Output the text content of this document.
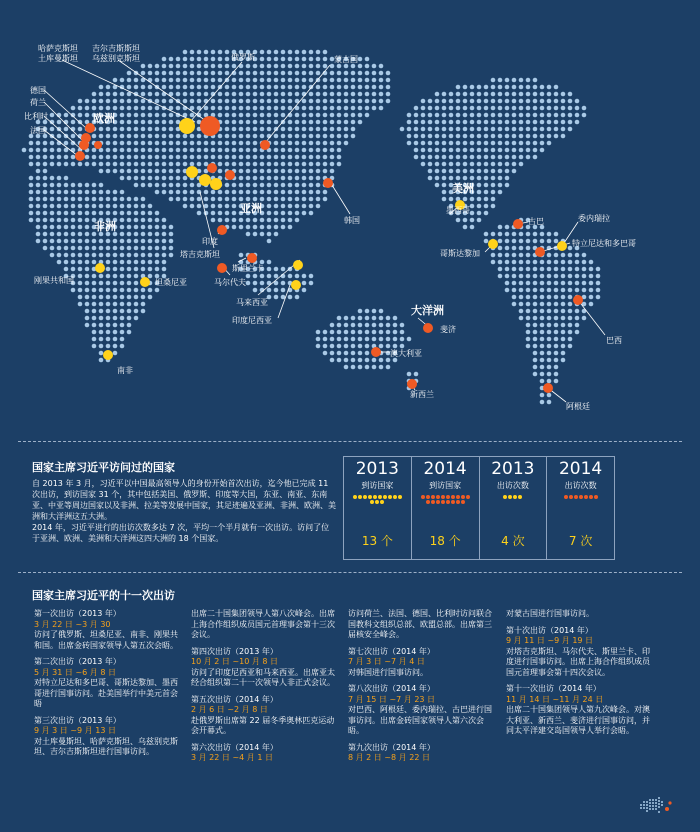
欧洲
非洲
亚洲
美洲
大洋洲
哈萨克斯坦
土库曼斯坦
吉尔吉斯斯坦
乌兹别克斯坦	俄罗斯	蒙古国
德国
荷兰
比利时
法国
韩国
印度
塔吉克斯坦
斯里兰卡
马尔代夫
马来西亚
印度尼西亚
刚果共和国	坦桑尼亚
南非
斐济
澳大利亚
新西兰
墨西哥
古巴	委内瑞拉
哥斯达黎加
特立尼达和多巴哥
巴西
阿根廷
国家主席习近平访问过的国家
自 2013 年 3 月，习近平以中国最高领导人的身份开始首次出访，迄今他已完成 11 次出访，到访国家 31 个，其中包括美国、俄罗斯、印度等大国，东亚、南亚、东南亚、中亚等周边国家以及非洲、拉美等发展中国家，其足迹遍及亚洲、非洲、欧洲、美洲和大洋洲这五大洲。
2014 年，习近平进行的出访次数多达 7 次，平均一个半月就有一次出访。访问了位于亚洲、欧洲、美洲和大洋洲这四大洲的 18 个国家。
2013
到访国家
13 个
2014
到访国家
18 个
2013
出访次数
4 次
2014
出访次数
7 次
国家主席习近平的十一次出访
第一次出访（2013 年）
3 月 22 日 ~3 月 30
访问了俄罗斯、坦桑尼亚、南非、刚果共和国。出席金砖国家领导人第五次会晤。
第二次出访（2013 年）
5 月 31 日 ~6 月 8 日
对特立尼达和多巴哥、哥斯达黎加、墨西哥进行国事访问。赴美国举行中美元首会晤
第三次出访（2013 年）
9 月 3 日 ~9 月 13 日
对土库曼斯坦、哈萨克斯坦、乌兹别克斯坦、吉尔吉斯斯坦进行国事访问。
出席二十国集团领导人第八次峰会。出席上海合作组织成员国元首理事会第十三次会议。
第四次出访（2013 年）
10 月 2 日 ~10 月 8 日
访问了印度尼西亚和马来西亚。出席亚太经合组织第二十一次领导人非正式会议。
第五次出访（2014 年）
2 月 6 日 ~2 月 8 日
赴俄罗斯出席第 22 届冬季奥林匹克运动会开幕式。
第六次出访（2014 年）
3 月 22 日 ~4 月 1 日
访问荷兰、法国、德国、比利时访问联合国教科文组织总部、欧盟总部。出席第三届核安全峰会。
第七次出访（2014 年）
7 月 3 日 ~7 月 4 日
对韩国进行国事访问。
第八次出访（2014 年）
7 月 15 日 ~7 月 23 日
对巴西、阿根廷、委内瑞拉、古巴进行国事访问。出席金砖国家领导人第六次会晤。
第九次出访（2014 年）
8 月 2 日 ~8 月 22 日
对蒙古国进行国事访问。
第十次出访（2014 年）
9 月 11 日 ~9 月 19 日
对塔吉克斯坦、马尔代夫、斯里兰卡、印度进行国事访问。出席上海合作组织成员国元首理事会第十四次会议。
第十一次出访（2014 年）
11 月 14 日 ~11 月 24 日
出席二十国集团领导人第九次峰会。对澳大利亚、新西兰、斐济进行国事访问，并同太平洋建交岛国领导人举行会晤。
